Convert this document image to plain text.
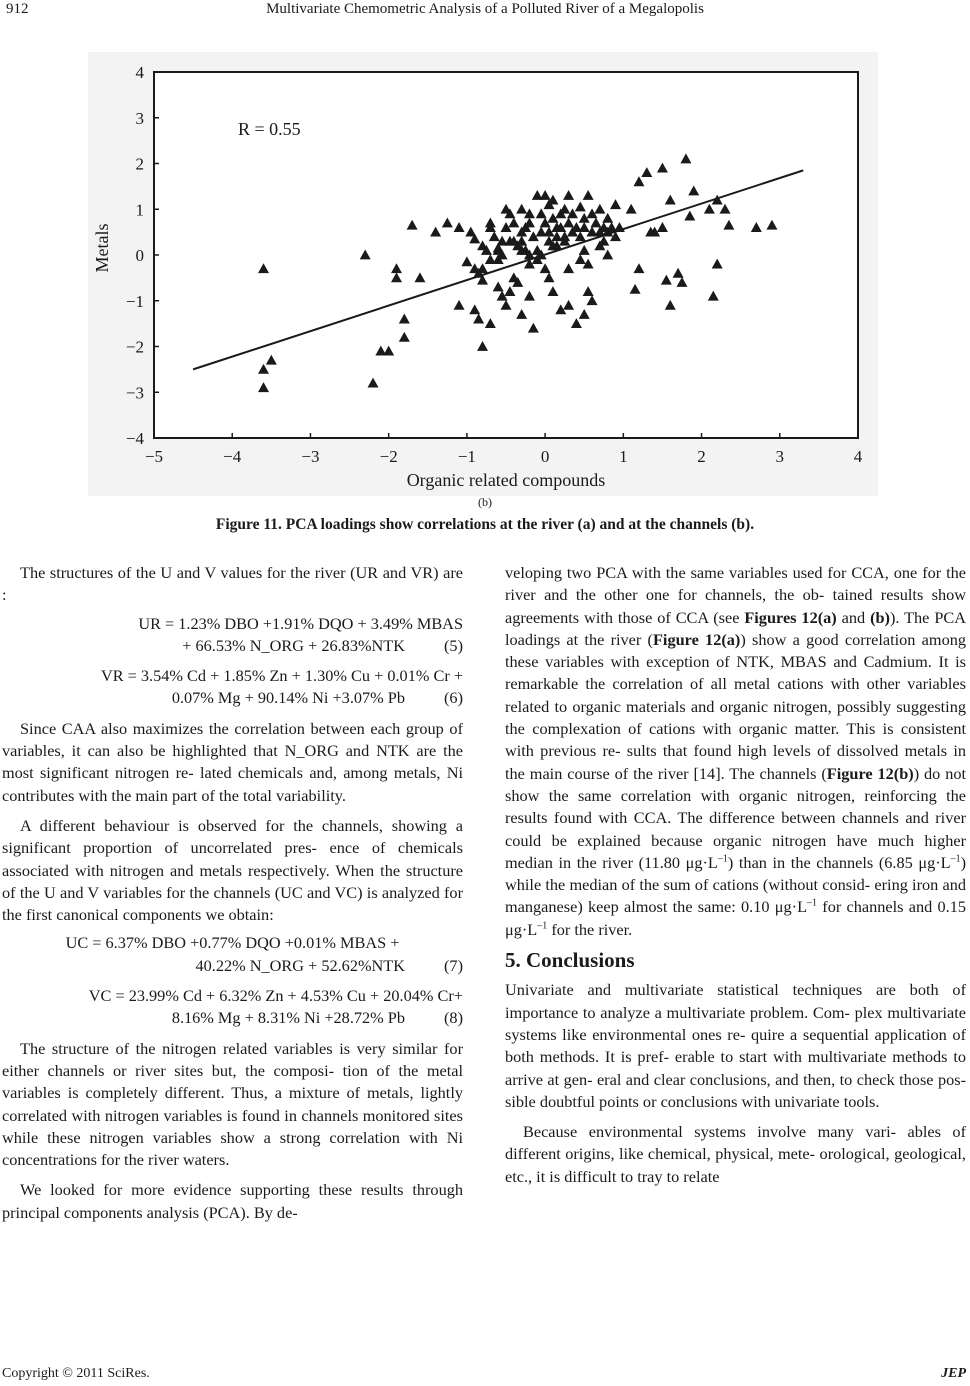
912	Multivariate Chemometric Analysis of a Polluted River of a Megalopolis
−5	−4	−3	−2	−1	0	1	2	3	4
4
3
2
1
0
−1
−2
−3
−4
R = 0.55
Organic related compounds
Metals
(b)
Figure 11. PCA loadings show correlations at the river (a) and at the channels (b).

The structures of the U and V values for the river (UR and VR) are :

UR = 1.23% DBO +1.91% DQO + 3.49% MBAS
+ 66.53% N_ORG + 26.83%NTK	(5)
VR = 3.54% Cd + 1.85% Zn + 1.30% Cu + 0.01% Cr +
0.07% Mg + 90.14% Ni +3.07% Pb	(6)

Since CAA also maximizes the correlation between each group of variables, it can also be highlighted that N_ORG and NTK are the most significant nitrogen re- lated chemicals and, among metals, Ni contributes with the main part of the total variability.

A different behaviour is observed for the channels, showing a significant proportion of uncorrelated pres- ence of chemicals associated with nitrogen and metals respectively. When the structure of the U and V variables for the channels (UC and VC) is analyzed for the first canonical components we obtain:

UC = 6.37% DBO +0.77% DQO +0.01% MBAS +
40.22% N_ORG + 52.62%NTK	(7)
VC = 23.99% Cd + 6.32% Zn + 4.53% Cu + 20.04% Cr+
8.16% Mg + 8.31% Ni +28.72% Pb	(8)

The structure of the nitrogen related variables is very similar for either channels or river sites but, the composi- tion of the metal variables is completely different. Thus, a mixture of metals, lightly correlated with nitrogen variables is found in channels monitored sites while these nitrogen variables show a strong correlation with Ni concentrations for the river waters.

We looked for more evidence supporting these results through principal components analysis (PCA). By de-

veloping two PCA with the same variables used for CCA, one for the river and the other one for channels, the ob- tained results show agreements with those of CCA (see Figures 12(a) and (b)). The PCA loadings at the river (Figure 12(a)) show a good correlation among these variables with exception of NTK, MBAS and Cadmium. It is remarkable the correlation of all metal cations with other variables related to organic materials and organic nitrogen, possibly suggesting the complexation of cations with organic matter. This is consistent with previous re- sults that found high levels of dissolved metals in the main course of the river [14]. The channels (Figure 12(b)) do not show the same correlation with organic nitrogen, reinforcing the results found with CCA. The difference between channels and river could be explained because organic nitrogen have much higher median in the river (11.80 $\mu g\cdot L^{-1}$) than in the channels (6.85 $\mu g\cdot L^{-1}$) while the median of the sum of cations (without consid- ering iron and manganese) keep almost the same: 0.10 $\mu g\cdot L^{-1}$ for channels and 0.15 $\mu g\cdot L^{-1}$ for the river.

5. Conclusions

Univariate and multivariate statistical techniques are both of importance to analyze a multivariate problem. Com- plex multivariate systems like environmental ones re- quire a sequential application of both methods. It is pref- erable to start with multivariate methods to arrive at gen- eral and clear conclusions, and then, to check those pos- sible doubtful points or conclusions with univariate tools.

Because environmental systems involve many vari- ables of different origins, like chemical, physical, mete- orological, geological, etc., it is difficult to tray to relate

Copyright © 2011 SciRes.	JEP
